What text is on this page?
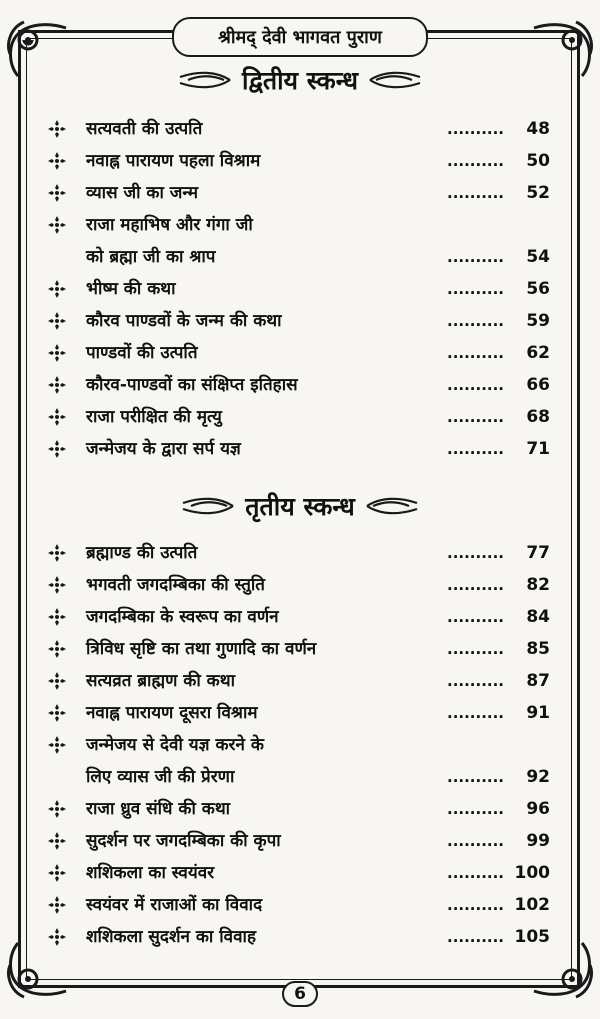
श्रीमद् देवी भागवत पुराण
द्वितीय स्कन्ध
सत्यवती की उत्पति	..........	48
नवाह्न पारायण पहला विश्राम	..........	50
व्यास जी का जन्म	..........	52
राजा महाभिष और गंगा जी
को ब्रह्मा जी का श्राप	..........	54
भीष्म की कथा	..........	56
कौरव पाण्डवों के जन्म की कथा	..........	59
पाण्डवों की उत्पति	..........	62
कौरव-पाण्डवों का संक्षिप्त इतिहास	..........	66
राजा परीक्षित की मृत्यु	..........	68
जन्मेजय के द्वारा सर्प यज्ञ	..........	71
तृतीय स्कन्ध
ब्रह्माण्ड की उत्पति	..........	77
भगवती जगदम्बिका की स्तुति	..........	82
जगदम्बिका के स्वरूप का वर्णन	..........	84
त्रिविध सृष्टि का तथा गुणादि का वर्णन	..........	85
सत्यव्रत ब्राह्मण की कथा	..........	87
नवाह्न पारायण दूसरा विश्राम	..........	91
जन्मेजय से देवी यज्ञ करने के
लिए व्यास जी की प्रेरणा	..........	92
राजा ध्रुव संधि की कथा	..........	96
सुदर्शन पर जगदम्बिका की कृपा	..........	99
शशिकला का स्वयंवर	.......... 100
स्वयंवर में राजाओं का विवाद	.......... 102
शशिकला सुदर्शन का विवाह	.......... 105
6
